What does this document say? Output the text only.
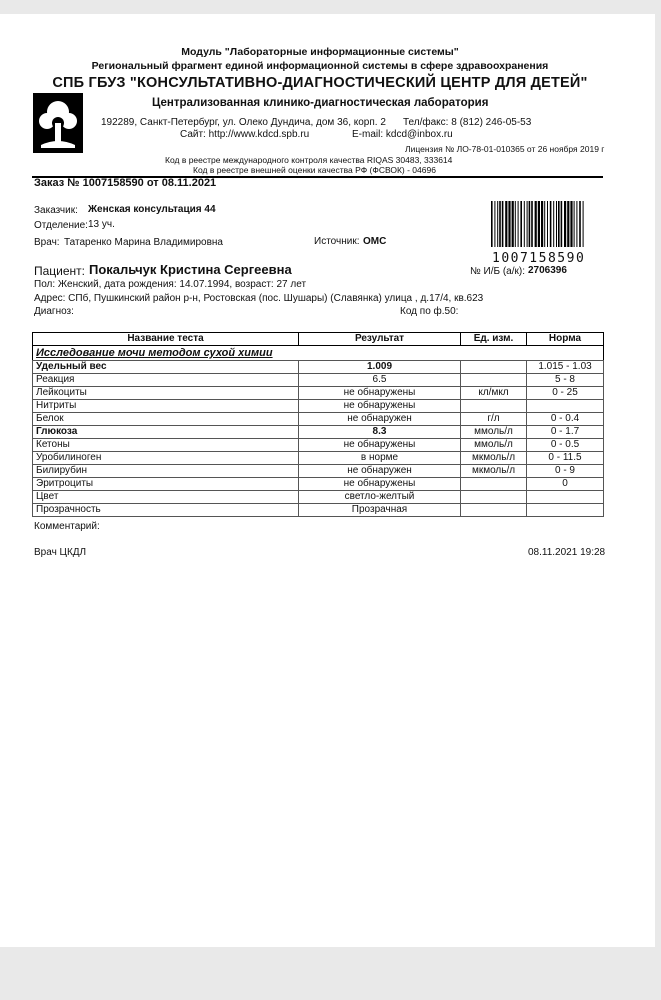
Модуль "Лабораторные информационные системы"
Региональный фрагмент единой информационной системы в сфере здравоохранения
СПБ ГБУЗ "КОНСУЛЬТАТИВНО-ДИАГНОСТИЧЕСКИЙ ЦЕНТР ДЛЯ ДЕТЕЙ"
Централизованная клинико-диагностическая лаборатория
192289, Санкт-Петербург, ул. Олеко Дундича, дом 36, корп. 2 Тел/факс: 8 (812) 246-05-53
Сайт: http://www.kdcd.spb.ru	E-mail: kdcd@inbox.ru
Лицензия № ЛО-78-01-010365 от 26 ноября 2019 г
Код в реестре международного контроля качества RIQAS 30483, 333614
Код в реестре внешней оценки качества РФ (ФСВОК) - 04696
Заказ № 1007158590 от 08.11.2021
Заказчик: Женская консультация 44
Отделение: 13 уч.
Врач: Татаренко Марина Владимировна	Источник: ОМС
1007158590
Пациент: Покальчук Кристина Сергеевна	№ И/Б (а/к): 2706396
Пол: Женский, дата рождения: 14.07.1994, возраст: 27 лет
Адрес: СПб, Пушкинский район р-н, Ростовская (пос. Шушары) (Славянка) улица , д.17/4, кв.623
Диагноз:	Код по ф.50:
Название теста	Результат	Ед. изм.	Норма
Исследование мочи методом сухой химии			
Удельный вес	1.009		1.015 - 1.03
Реакция	6.5		5 - 8
Лейкоциты	не обнаружены	кл/мкл	0 - 25
Нитриты	не обнаружены		
Белок	не обнаружен	г/л	0 - 0.4
Глюкоза	8.3	ммоль/л	0 - 1.7
Кетоны	не обнаружены	ммоль/л	0 - 0.5
Уробилиноген	в норме	мкмоль/л	0 - 11.5
Билирубин	не обнаружен	мкмоль/л	0 - 9
Эритроциты	не обнаружены		0
Цвет	светло-желтый		
Прозрачность	Прозрачная		
Комментарий:
Врач ЦКДЛ	08.11.2021 19:28
